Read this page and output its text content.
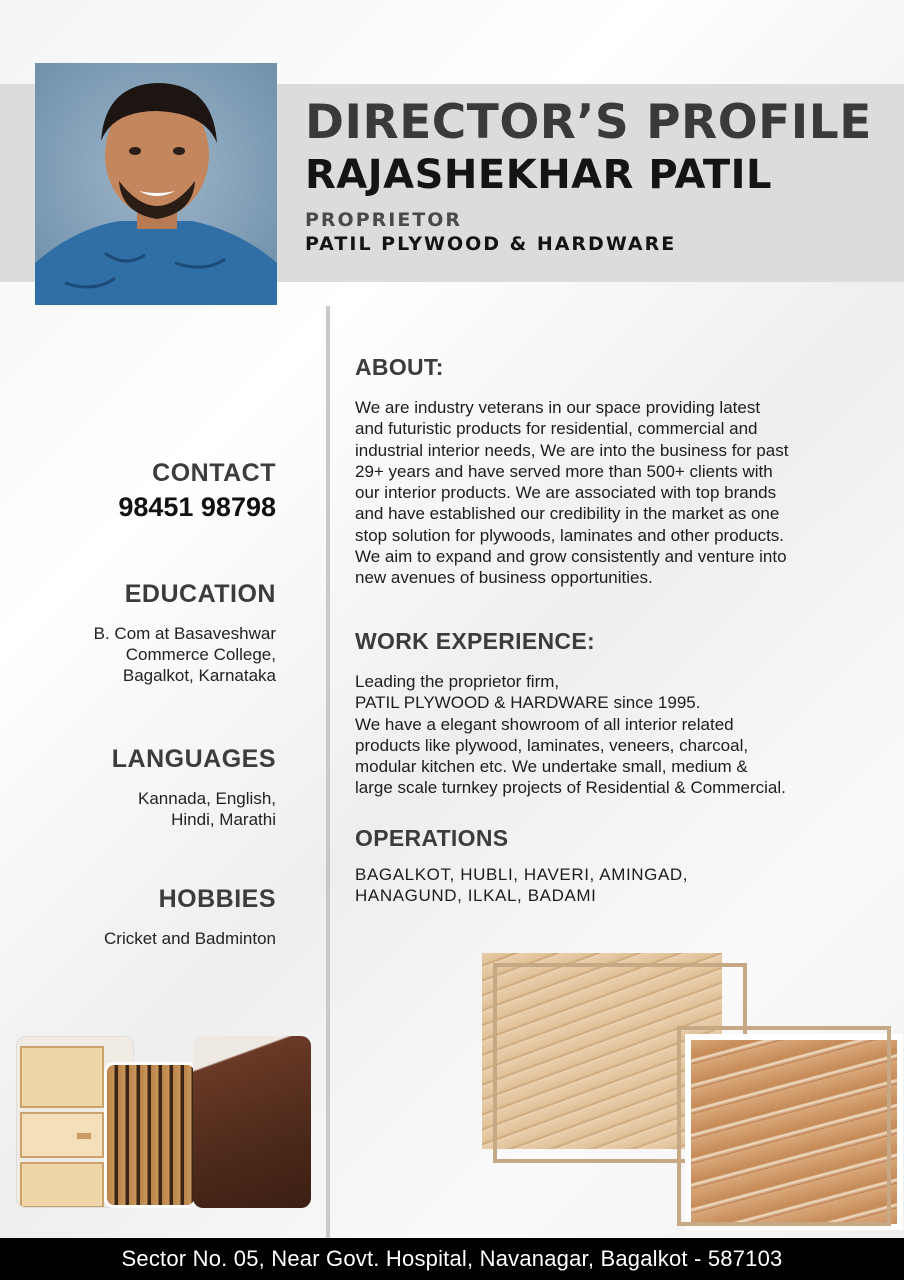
DIRECTOR’S PROFILE
RAJASHEKHAR PATIL
PROPRIETOR
PATIL PLYWOOD & HARDWARE
CONTACT
98451 98798
EDUCATION
B. Com at Basaveshwar
Commerce College,
Bagalkot, Karnataka
LANGUAGES
Kannada, English,
Hindi, Marathi
HOBBIES
Cricket and Badminton
ABOUT:
We are industry veterans in our space providing latest
and futuristic products for residential, commercial and
industrial interior needs, We are into the business for past
29+ years and have served more than 500+ clients with
our interior products. We are associated with top brands
and have established our credibility in the market as one
stop solution for plywoods, laminates and other products.
We aim to expand and grow consistently and venture into
new avenues of business opportunities.
WORK EXPERIENCE:
Leading the proprietor firm,
PATIL PLYWOOD & HARDWARE since 1995.
We have a elegant showroom of all interior related
products like plywood, laminates, veneers, charcoal,
modular kitchen etc. We undertake small, medium &
large scale turnkey projects of Residential & Commercial.
OPERATIONS
BAGALKOT, HUBLI, HAVERI, AMINGAD,
HANAGUND, ILKAL, BADAMI
Sector No. 05, Near Govt. Hospital, Navanagar, Bagalkot - 587103
